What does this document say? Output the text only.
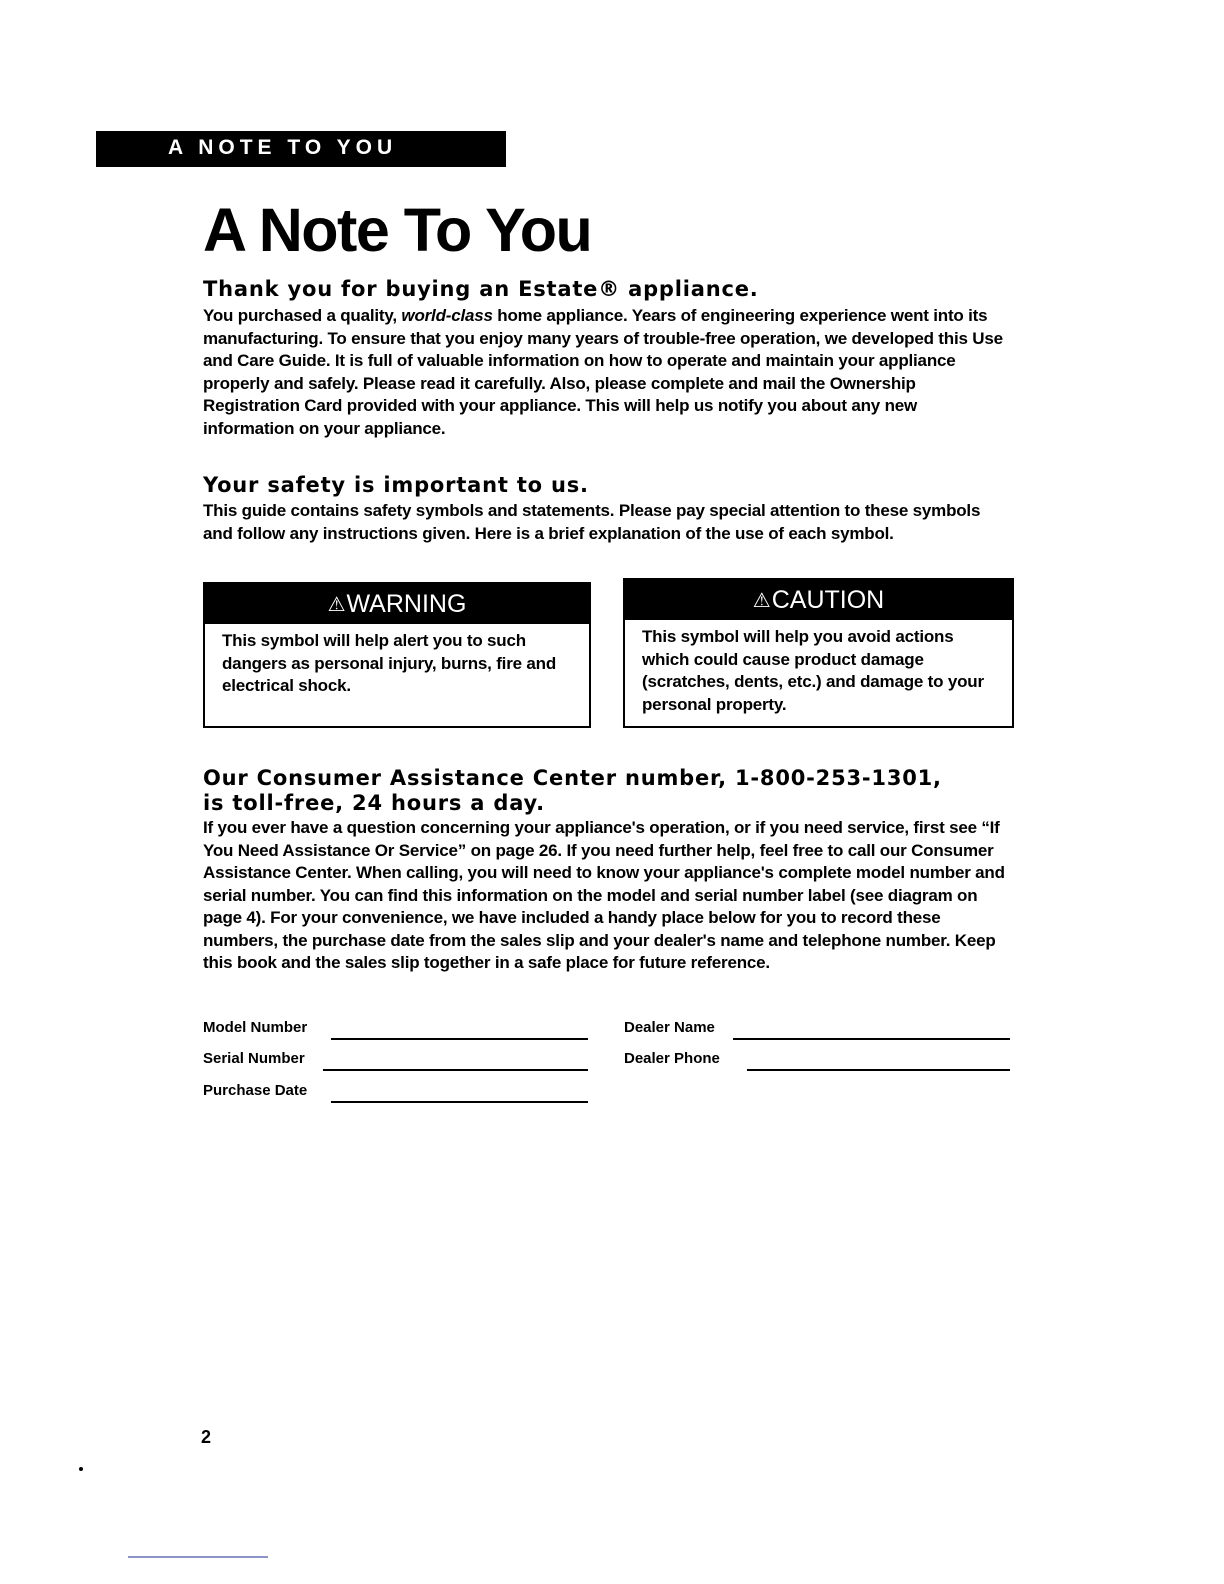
A NOTE TO YOU
A Note To You
Thank you for buying an Estate® appliance.

You purchased a quality, world-class home appliance. Years of engineering experience went into its manufacturing. To ensure that you enjoy many years of trouble-free operation, we developed this Use and Care Guide. It is full of valuable information on how to operate and maintain your appliance properly and safely. Please read it carefully. Also, please complete and mail the Ownership Registration Card provided with your appliance. This will help us notify you about any new information on your appliance.

Your safety is important to us.

This guide contains safety symbols and statements. Please pay special attention to these symbols and follow any instructions given. Here is a brief explanation of the use of each symbol.

⚠WARNING

This symbol will help alert you to such dangers as personal injury, burns, fire and electrical shock.

⚠CAUTION

This symbol will help you avoid actions which could cause product damage (scratches, dents, etc.) and damage to your personal property.

Our Consumer Assistance Center number, 1-800-253-1301,
is toll-free, 24 hours a day.

If you ever have a question concerning your appliance's operation, or if you need service, first see “If You Need Assistance Or Service” on page 26. If you need further help, feel free to call our Consumer Assistance Center. When calling, you will need to know your appliance's complete model number and serial number. You can find this information on the model and serial number label (see diagram on page 4). For your convenience, we have included a handy place below for you to record these numbers, the purchase date from the sales slip and your dealer's name and telephone number. Keep this book and the sales slip together in a safe place for future reference.

Model Number
Serial Number
Purchase Date
Dealer Name
Dealer Phone
2
